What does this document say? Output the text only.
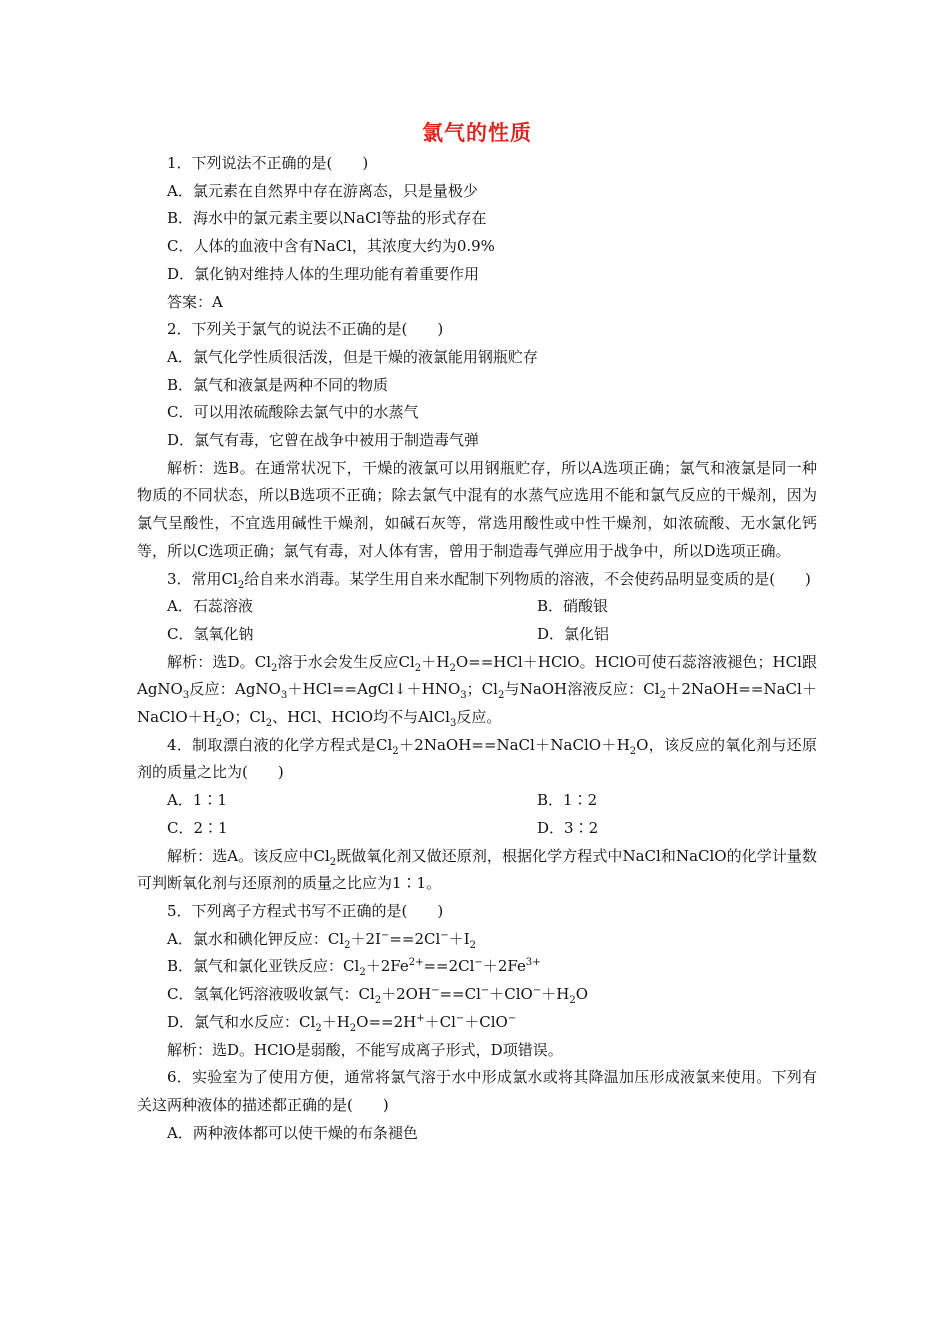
氯气的性质
1．下列说法不正确的是(　　)
A．氯元素在自然界中存在游离态，只是量极少
B．海水中的氯元素主要以NaCl等盐的形式存在
C．人体的血液中含有NaCl，其浓度大约为0.9%
D．氯化钠对维持人体的生理功能有着重要作用
答案：A
2．下列关于氯气的说法不正确的是(　　)
A．氯气化学性质很活泼，但是干燥的液氯能用钢瓶贮存
B．氯气和液氯是两种不同的物质
C．可以用浓硫酸除去氯气中的水蒸气
D．氯气有毒，它曾在战争中被用于制造毒气弹
解析：选B。在通常状况下，干燥的液氯可以用钢瓶贮存，所以A选项正确；氯气和液氯是同一种物质的不同状态，所以B选项不正确；除去氯气中混有的水蒸气应选用不能和氯气反应的干燥剂，因为氯气呈酸性，不宜选用碱性干燥剂，如碱石灰等，常选用酸性或中性干燥剂，如浓硫酸、无水氯化钙等，所以C选项正确；氯气有毒，对人体有害，曾用于制造毒气弹应用于战争中，所以D选项正确。
3．常用$Cl_2$给自来水消毒。某学生用自来水配制下列物质的溶液，不会使药品明显变质的是(　　)
A．石蕊溶液	B．硝酸银
C．氢氧化钠	D．氯化铝
解析：选D。$Cl_2$溶于水会发生反应$Cl_2+H_2O==HCl+HClO$。HClO可使石蕊溶液褪色；HCl跟AgNO$_3$反应：$AgNO_3+HCl==AgCl↓+HNO_3$；$Cl_2$与NaOH溶液反应：$Cl_2+2NaOH==NaCl+NaClO+H_2O$；$Cl_2$、HCl、HClO均不与AlCl$_3$反应。
4．制取漂白液的化学方程式是$Cl_2+2NaOH==NaCl+NaClO+H_2O$，该反应的氧化剂与还原剂的质量之比为(　　)
A．1∶1	B．1∶2
C．2∶1	D．3∶2
解析：选A。该反应中$Cl_2$既做氧化剂又做还原剂，根据化学方程式中NaCl和NaClO的化学计量数可判断氧化剂与还原剂的质量之比应为1∶1。
5．下列离子方程式书写不正确的是(　　)
A．氯水和碘化钾反应：$Cl_2+2I^-==2Cl^-+I_2$
B．氯气和氯化亚铁反应：$Cl_2+2Fe^{2+}==2Cl^-+2Fe^{3+}$
C．氢氧化钙溶液吸收氯气：$Cl_2+2OH^-==Cl^-+ClO^-+H_2O$
D．氯气和水反应：$Cl_2+H_2O==2H^++Cl^-+ClO^-$
解析：选D。HClO是弱酸，不能写成离子形式，D项错误。
6．实验室为了使用方便，通常将氯气溶于水中形成氯水或将其降温加压形成液氯来使用。下列有关这两种液体的描述都正确的是(　　)
A．两种液体都可以使干燥的布条褪色
